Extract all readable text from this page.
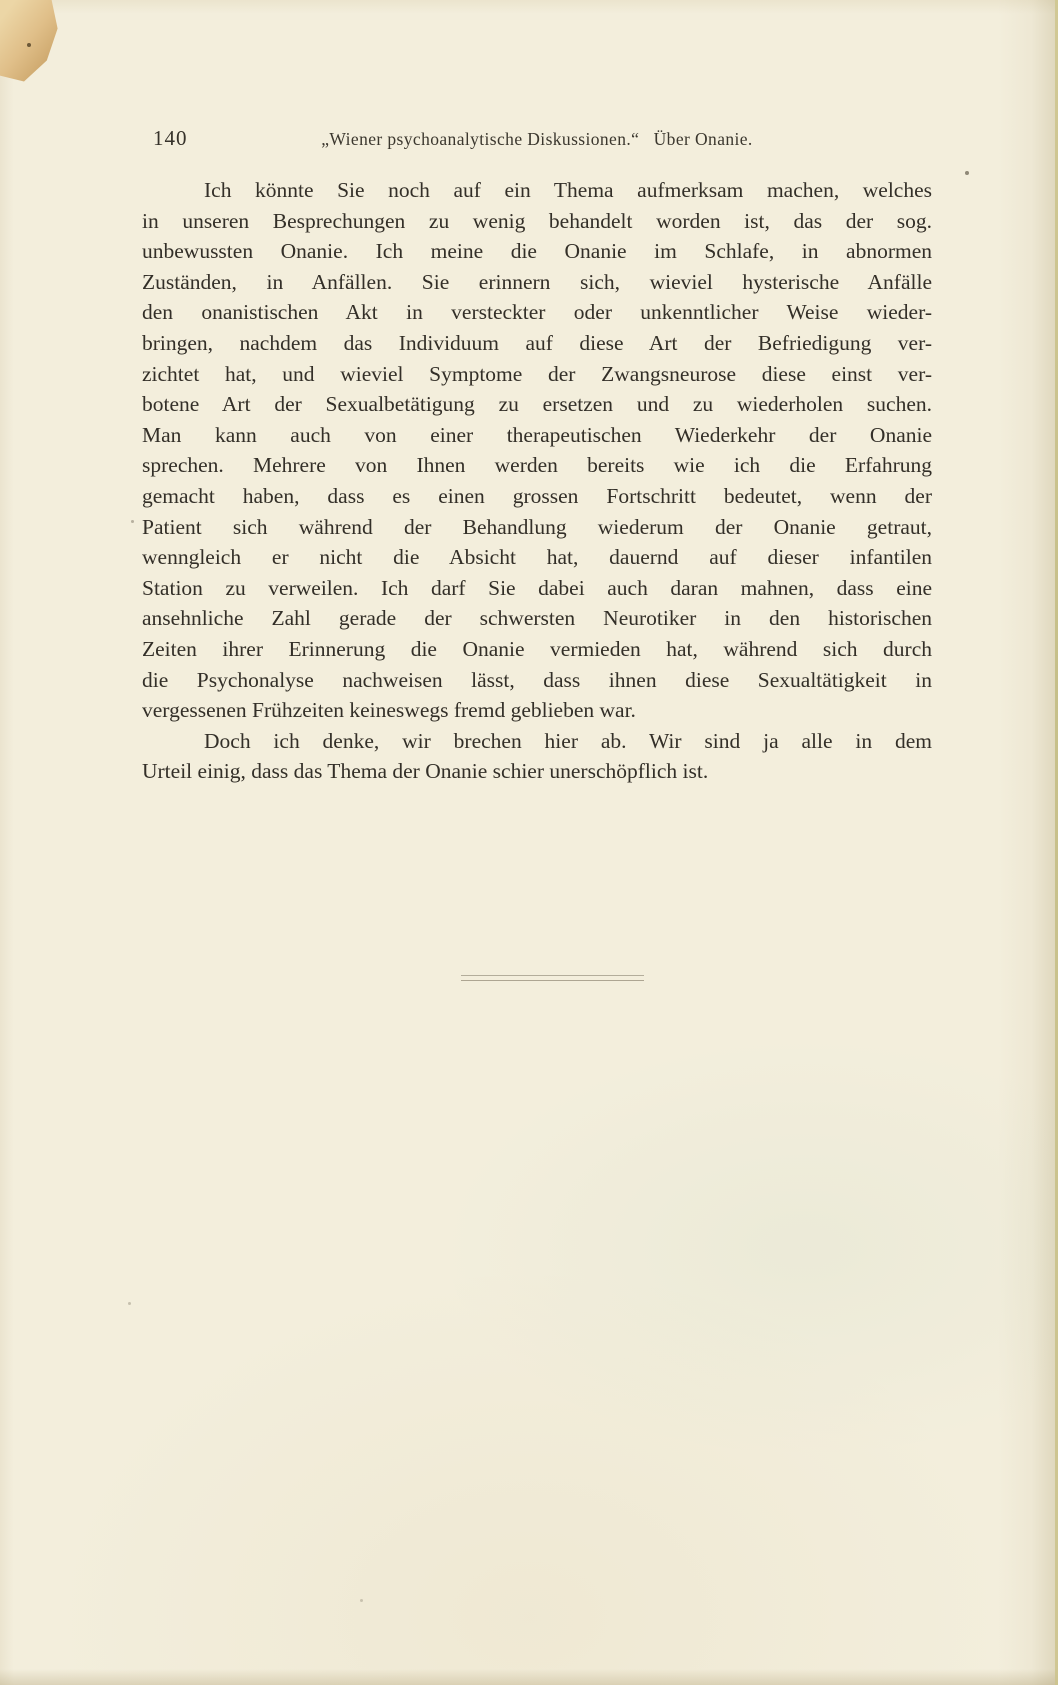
140	„Wiener psychoanalytische Diskussionen.“   Über Onanie.
Ich könnte Sie noch auf ein Thema aufmerksam machen, welches
in unseren Besprechungen zu wenig behandelt worden ist, das der sog.
unbewussten Onanie. Ich meine die Onanie im Schlafe, in abnormen
Zuständen, in Anfällen. Sie erinnern sich, wieviel hysterische Anfälle
den onanistischen Akt in versteckter oder unkenntlicher Weise wieder-
bringen, nachdem das Individuum auf diese Art der Befriedigung ver-
zichtet hat, und wieviel Symptome der Zwangsneurose diese einst ver-
botene Art der Sexualbetätigung zu ersetzen und zu wiederholen suchen.
Man kann auch von einer therapeutischen Wiederkehr der Onanie
sprechen. Mehrere von Ihnen werden bereits wie ich die Erfahrung
gemacht haben, dass es einen grossen Fortschritt bedeutet, wenn der
Patient sich während der Behandlung wiederum der Onanie getraut,
wenngleich er nicht die Absicht hat, dauernd auf dieser infantilen
Station zu verweilen. Ich darf Sie dabei auch daran mahnen, dass eine
ansehnliche Zahl gerade der schwersten Neurotiker in den historischen
Zeiten ihrer Erinnerung die Onanie vermieden hat, während sich durch
die Psychonalyse nachweisen lässt, dass ihnen diese Sexualtätigkeit in
vergessenen Frühzeiten keineswegs fremd geblieben war.
Doch ich denke, wir brechen hier ab. Wir sind ja alle in dem
Urteil einig, dass das Thema der Onanie schier unerschöpflich ist.
